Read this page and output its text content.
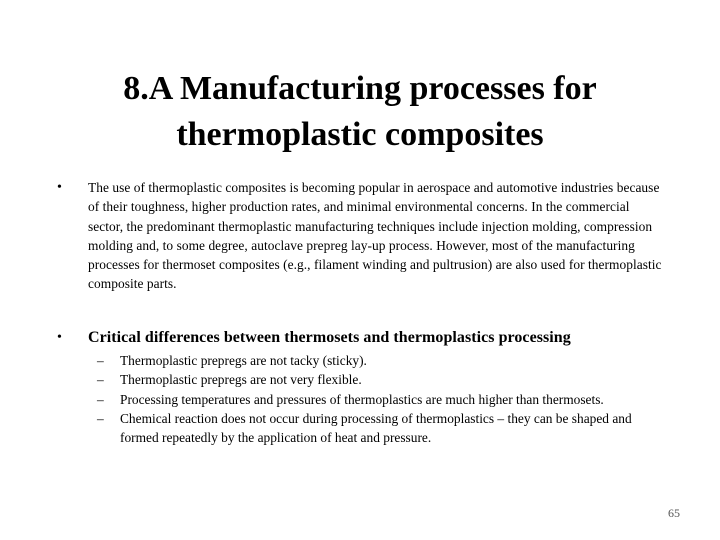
8.A Manufacturing processes for thermoplastic composites
• The use of thermoplastic composites is becoming popular in aerospace and automotive industries because of their toughness, higher production rates, and minimal environmental concerns. In the commercial sector, the predominant thermoplastic manufacturing techniques include injection molding, compression molding and, to some degree, autoclave prepreg lay-up process. However, most of the manufacturing processes for thermoset composites (e.g., filament winding and pultrusion) are also used for thermoplastic composite parts.
• Critical differences between thermosets and thermoplastics processing
– Thermoplastic prepregs are not tacky (sticky).
– Thermoplastic prepregs are not very flexible.
– Processing temperatures and pressures of thermoplastics are much higher than thermosets.
– Chemical reaction does not occur during processing of thermoplastics – they can be shaped and formed repeatedly by the application of heat and pressure.
65
